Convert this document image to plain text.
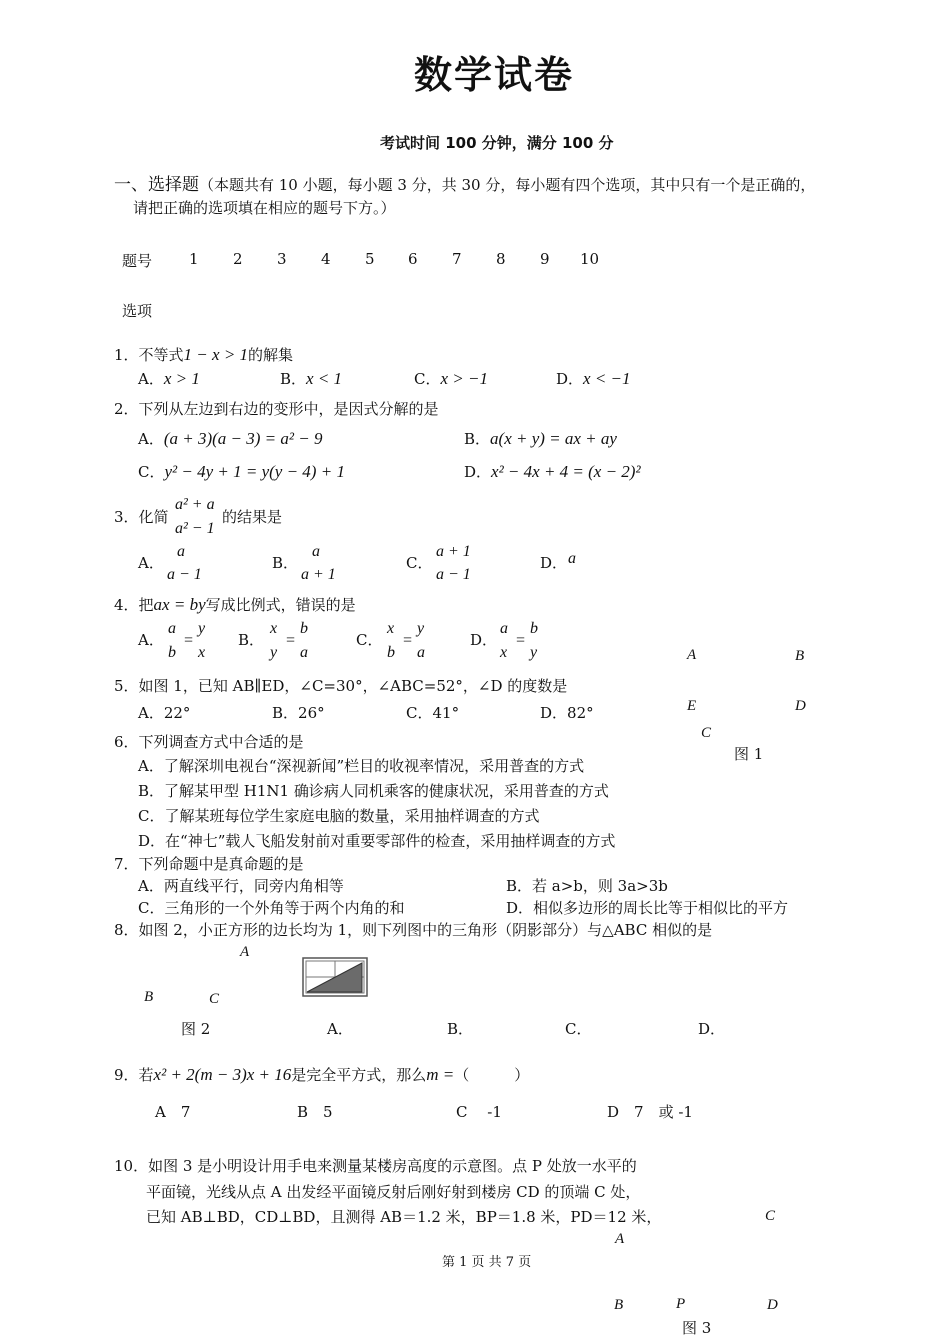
数学试卷
考试时间 100 分钟，满分 100 分
一、选择题（本题共有 10 小题，每小题 3 分，共 30 分，每小题有四个选项，其中只有一个是正确的，
请把正确的选项填在相应的题号下方。）
题号 1 2 3 4 5 6 7 8 9 10
选项
1．不等式1 − x > 1的解集
A．x > 1	B．x < 1	C．x > −1	D．x < −1
2．下列从左边到右边的变形中，是因式分解的是
A．(a + 3)(a − 3) = a² − 9	B．a(x + y) = ax + ay
C．y² − 4y + 1 = y(y − 4) + 1	D．x² − 4x + 4 = (x − 2)²
3．化简
a² + a
a² − 1
的结果是
A．
a
a − 1
B．
a
a + 1
C．
a + 1
a − 1
D． a
4．把ax = by写成比例式，错误的是
A．
a
b
=
y
x
B．
x
y
=
b
a
C．
x
b
=
y
a
D．
a
x
=
b
y	A	B
E	D
C
图 1
5．如图 1，已知 AB∥ED，∠C=30°，∠ABC=52°，∠D 的度数是
A．22°	B．26°	C．41°	D．82°
6．下列调查方式中合适的是
A．了解深圳电视台“深视新闻”栏目的收视率情况，采用普查的方式
B．了解某甲型 H1N1 确诊病人同机乘客的健康状况，采用普查的方式
C．了解某班每位学生家庭电脑的数量，采用抽样调查的方式
D．在“神七”载人飞船发射前对重要零部件的检查，采用抽样调查的方式
7．下列命题中是真命题的是
A．两直线平行，同旁内角相等	B．若 a>b，则 3a>3b
C．三角形的一个外角等于两个内角的和	D．相似多边形的周长比等于相似比的平方
8．如图 2，小正方形的边长均为 1，则下列图中的三角形（阴影部分）与△ABC 相似的是
A
B	C
图 2	A．	B．	C．	D．
9．若x² + 2(m − 3)x + 16是完全平方式，那么m =（　　　）
A　7	B　5	C　 -1	D　7　或 -1
10．如图 3 是小明设计用手电来测量某楼房高度的示意图。点 P 处放一水平的
平面镜，光线从点 A 出发经平面镜反射后刚好射到楼房 CD 的顶端 C 处，
已知 AB⊥BD，CD⊥BD，且测得 AB＝1.2 米，BP＝1.8 米，PD＝12 米，	C
A
B	P	D
图 3
第 1 页 共 7 页
